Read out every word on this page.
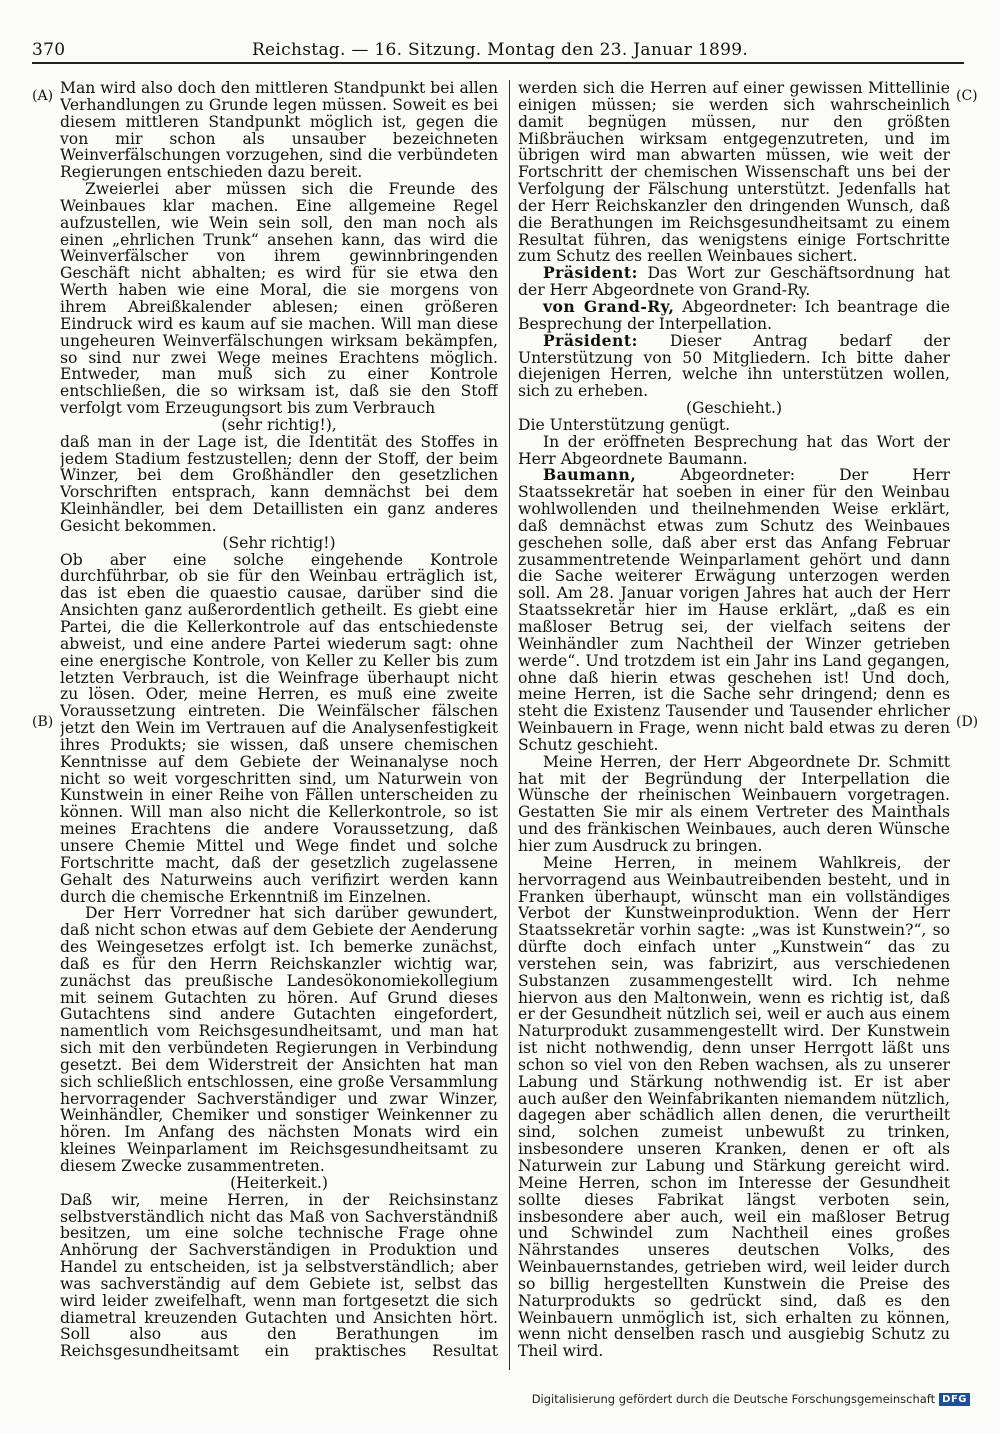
370	Reichstag. — 16. Sitzung. Montag den 23. Januar 1899.
(A)
(B)
(C)
(D)

Man wird also doch den mittleren Standpunkt bei allen Verhandlungen zu Grunde legen müssen. Soweit es bei diesem mittleren Standpunkt möglich ist, gegen die von mir schon als unsauber bezeichneten Weinverfälschungen vorzugehen, sind die verbündeten Regierungen entschieden dazu bereit.

Zweierlei aber müssen sich die Freunde des Weinbaues klar machen. Eine allgemeine Regel aufzustellen, wie Wein sein soll, den man noch als einen „ehrlichen Trunk“ ansehen kann, das wird die Weinverfälscher von ihrem gewinnbringenden Geschäft nicht abhalten; es wird für sie etwa den Werth haben wie eine Moral, die sie morgens von ihrem Abreißkalender ablesen; einen größeren Eindruck wird es kaum auf sie machen. Will man diese ungeheuren Weinverfälschungen wirksam bekämpfen, so sind nur zwei Wege meines Erachtens möglich. Entweder, man muß sich zu einer Kontrole entschließen, die so wirksam ist, daß sie den Stoff verfolgt vom Erzeugungsort bis zum Verbrauch

(sehr richtig!),

daß man in der Lage ist, die Identität des Stoffes in jedem Stadium festzustellen; denn der Stoff, der beim Winzer, bei dem Großhändler den gesetzlichen Vorschriften entsprach, kann demnächst bei dem Kleinhändler, bei dem Detaillisten ein ganz anderes Gesicht bekommen.

(Sehr richtig!)

Ob aber eine solche eingehende Kontrole durchführbar, ob sie für den Weinbau erträglich ist, das ist eben die quaestio causae, darüber sind die Ansichten ganz außerordentlich getheilt. Es giebt eine Partei, die die Kellerkontrole auf das entschiedenste abweist, und eine andere Partei wiederum sagt: ohne eine energische Kontrole, von Keller zu Keller bis zum letzten Verbrauch, ist die Weinfrage überhaupt nicht zu lösen. Oder, meine Herren, es muß eine zweite Voraussetzung eintreten. Die Weinfälscher fälschen jetzt den Wein im Vertrauen auf die Analysenfestigkeit ihres Produkts; sie wissen, daß unsere chemischen Kenntnisse auf dem Gebiete der Weinanalyse noch nicht so weit vorgeschritten sind, um Naturwein von Kunstwein in einer Reihe von Fällen unterscheiden zu können. Will man also nicht die Kellerkontrole, so ist meines Erachtens die andere Voraussetzung, daß unsere Chemie Mittel und Wege findet und solche Fortschritte macht, daß der gesetzlich zugelassene Gehalt des Naturweins auch verifizirt werden kann durch die chemische Erkenntniß im Einzelnen.

Der Herr Vorredner hat sich darüber gewundert, daß nicht schon etwas auf dem Gebiete der Aenderung des Weingesetzes erfolgt ist. Ich bemerke zunächst, daß es für den Herrn Reichskanzler wichtig war, zunächst das preußische Landesökonomiekollegium mit seinem Gutachten zu hören. Auf Grund dieses Gutachtens sind andere Gutachten eingefordert, namentlich vom Reichsgesundheitsamt, und man hat sich mit den verbündeten Regierungen in Verbindung gesetzt. Bei dem Widerstreit der Ansichten hat man sich schließlich entschlossen, eine große Versammlung hervorragender Sachverständiger und zwar Winzer, Weinhändler, Chemiker und sonstiger Weinkenner zu hören. Im Anfang des nächsten Monats wird ein kleines Weinparlament im Reichsgesundheitsamt zu diesem Zwecke zusammentreten.

(Heiterkeit.)

Daß wir, meine Herren, in der Reichsinstanz selbstverständlich nicht das Maß von Sachverständniß besitzen, um eine solche technische Frage ohne Anhörung der Sachverständigen in Produktion und Handel zu entscheiden, ist ja selbstverständlich; aber was sachverständig auf dem Gebiete ist, selbst das wird leider zweifelhaft, wenn man fortgesetzt die sich diametral kreuzenden Gutachten und Ansichten hört. Soll also aus den Berathungen im Reichsgesundheitsamt ein praktisches Resultat

werden sich die Herren auf einer gewissen Mittellinie einigen müssen; sie werden sich wahrscheinlich damit begnügen müssen, nur den größten Mißbräuchen wirksam entgegenzutreten, und im übrigen wird man abwarten müssen, wie weit der Fortschritt der chemischen Wissenschaft uns bei der Verfolgung der Fälschung unterstützt. Jedenfalls hat der Herr Reichskanzler den dringenden Wunsch, daß die Berathungen im Reichsgesundheitsamt zu einem Resultat führen, das wenigstens einige Fortschritte zum Schutz des reellen Weinbaues sichert.

Präsident: Das Wort zur Geschäftsordnung hat der Herr Abgeordnete von Grand-Ry.

von Grand-Ry, Abgeordneter: Ich beantrage die Besprechung der Interpellation.

Präsident: Dieser Antrag bedarf der Unterstützung von 50 Mitgliedern. Ich bitte daher diejenigen Herren, welche ihn unterstützen wollen, sich zu erheben.

(Geschieht.)

Die Unterstützung genügt.

In der eröffneten Besprechung hat das Wort der Herr Abgeordnete Baumann.

Baumann, Abgeordneter: Der Herr Staatssekretär hat soeben in einer für den Weinbau wohlwollenden und theilnehmenden Weise erklärt, daß demnächst etwas zum Schutz des Weinbaues geschehen solle, daß aber erst das Anfang Februar zusammentretende Weinparlament gehört und dann die Sache weiterer Erwägung unterzogen werden soll. Am 28. Januar vorigen Jahres hat auch der Herr Staatssekretär hier im Hause erklärt, „daß es ein maßloser Betrug sei, der vielfach seitens der Weinhändler zum Nachtheil der Winzer getrieben werde“. Und trotzdem ist ein Jahr ins Land gegangen, ohne daß hierin etwas geschehen ist! Und doch, meine Herren, ist die Sache sehr dringend; denn es steht die Existenz Tausender und Tausender ehrlicher Weinbauern in Frage, wenn nicht bald etwas zu deren Schutz geschieht.

Meine Herren, der Herr Abgeordnete Dr. Schmitt hat mit der Begründung der Interpellation die Wünsche der rheinischen Weinbauern vorgetragen. Gestatten Sie mir als einem Vertreter des Mainthals und des fränkischen Weinbaues, auch deren Wünsche hier zum Ausdruck zu bringen.

Meine Herren, in meinem Wahlkreis, der hervorragend aus Weinbautreibenden besteht, und in Franken überhaupt, wünscht man ein vollständiges Verbot der Kunstweinproduktion. Wenn der Herr Staatssekretär vorhin sagte: „was ist Kunstwein?“, so dürfte doch einfach unter „Kunstwein“ das zu verstehen sein, was fabrizirt, aus verschiedenen Substanzen zusammengestellt wird. Ich nehme hiervon aus den Maltonwein, wenn es richtig ist, daß er der Gesundheit nützlich sei, weil er auch aus einem Naturprodukt zusammengestellt wird. Der Kunstwein ist nicht nothwendig, denn unser Herrgott läßt uns schon so viel von den Reben wachsen, als zu unserer Labung und Stärkung nothwendig ist. Er ist aber auch außer den Weinfabrikanten niemandem nützlich, dagegen aber schädlich allen denen, die verurtheilt sind, solchen zumeist unbewußt zu trinken, insbesondere unseren Kranken, denen er oft als Naturwein zur Labung und Stärkung gereicht wird. Meine Herren, schon im Interesse der Gesundheit sollte dieses Fabrikat längst verboten sein, insbesondere aber auch, weil ein maßloser Betrug und Schwindel zum Nachtheil eines großes Nährstandes unseres deutschen Volks, des Weinbauernstandes, getrieben wird, weil leider durch so billig hergestellten Kunstwein die Preise des Naturprodukts so gedrückt sind, daß es den Weinbauern unmöglich ist, sich erhalten zu können, wenn nicht denselben rasch und ausgiebig Schutz zu Theil wird.

Digitalisierung gefördert durch die Deutsche Forschungsgemeinschaft DFG
